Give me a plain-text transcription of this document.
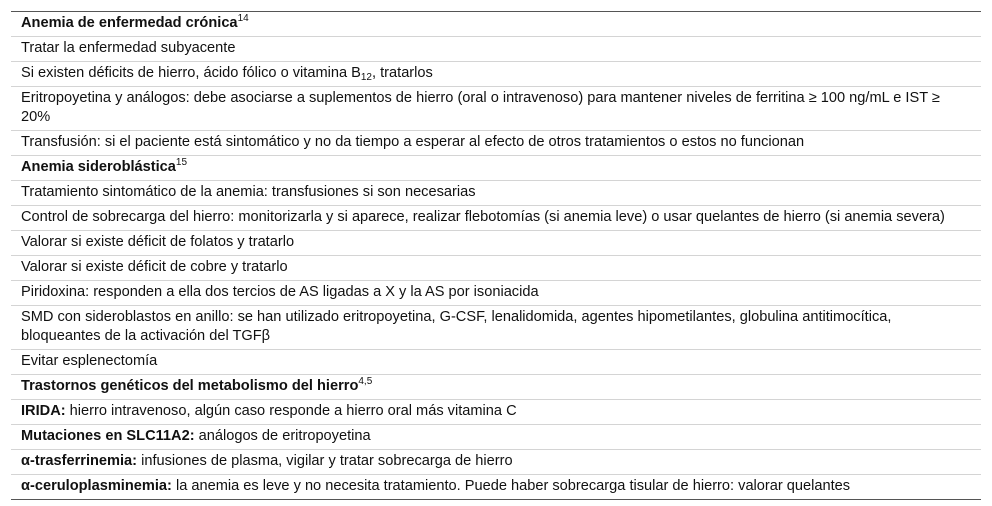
Anemia de enfermedad crónica$^{14}$
Tratar la enfermedad subyacente
Si existen déficits de hierro, ácido fólico o vitamina $B_{12}$, tratarlos
Eritropoyetina y análogos: debe asociarse a suplementos de hierro (oral o intravenoso) para mantener niveles de ferritina ≥ 100 ng/mL e IST ≥ 20%
Transfusión: si el paciente está sintomático y no da tiempo a esperar al efecto de otros tratamientos o estos no funcionan
Anemia sideroblástica$^{15}$
Tratamiento sintomático de la anemia: transfusiones si son necesarias
Control de sobrecarga del hierro: monitorizarla y si aparece, realizar flebotomías (si anemia leve) o usar quelantes de hierro (si anemia severa)
Valorar si existe déficit de folatos y tratarlo
Valorar si existe déficit de cobre y tratarlo
Piridoxina: responden a ella dos tercios de AS ligadas a X y la AS por isoniacida
SMD con sideroblastos en anillo: se han utilizado eritropoyetina, G-CSF, lenalidomida, agentes hipometilantes, globulina antitimocítica, bloqueantes de la activación del TGFβ
Evitar esplenectomía
Trastornos genéticos del metabolismo del hierro$^{4,5}$
IRIDA: hierro intravenoso, algún caso responde a hierro oral más vitamina C
Mutaciones en SLC11A2: análogos de eritropoyetina
α-trasferrinemia: infusiones de plasma, vigilar y tratar sobrecarga de hierro
α-ceruloplasminemia: la anemia es leve y no necesita tratamiento. Puede haber sobrecarga tisular de hierro: valorar quelantes
